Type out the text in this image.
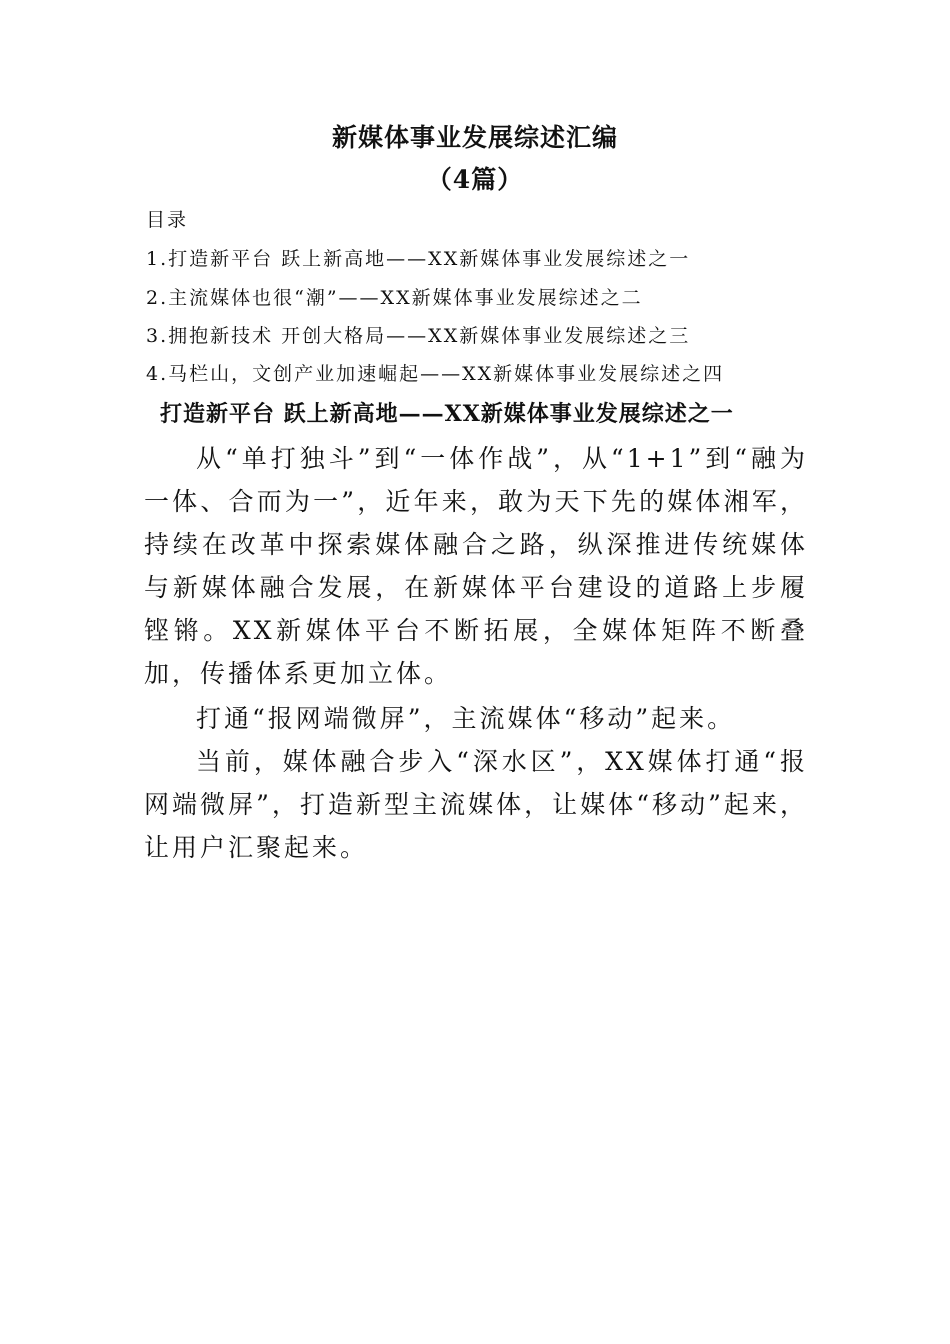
新媒体事业发展综述汇编
（4篇）

目录

1.打造新平台 跃上新高地——XX新媒体事业发展综述之一

2.主流媒体也很“潮”——XX新媒体事业发展综述之二

3.拥抱新技术 开创大格局——XX新媒体事业发展综述之三

4.马栏山，文创产业加速崛起——XX新媒体事业发展综述之四

打造新平台 跃上新高地——XX新媒体事业发展综述之一

从“单打独斗”到“一体作战”，从“1+1”到“融为一体、合而为一”，近年来，敢为天下先的媒体湘军，持续在改革中探索媒体融合之路，纵深推进传统媒体与新媒体融合发展，在新媒体平台建设的道路上步履铿锵。XX新媒体平台不断拓展，全媒体矩阵不断叠加，传播体系更加立体。

打通“报网端微屏”，主流媒体“移动”起来。

当前，媒体融合步入“深水区”，XX媒体打通“报网端微屏”，打造新型主流媒体，让媒体“移动”起来，让用户汇聚起来。
